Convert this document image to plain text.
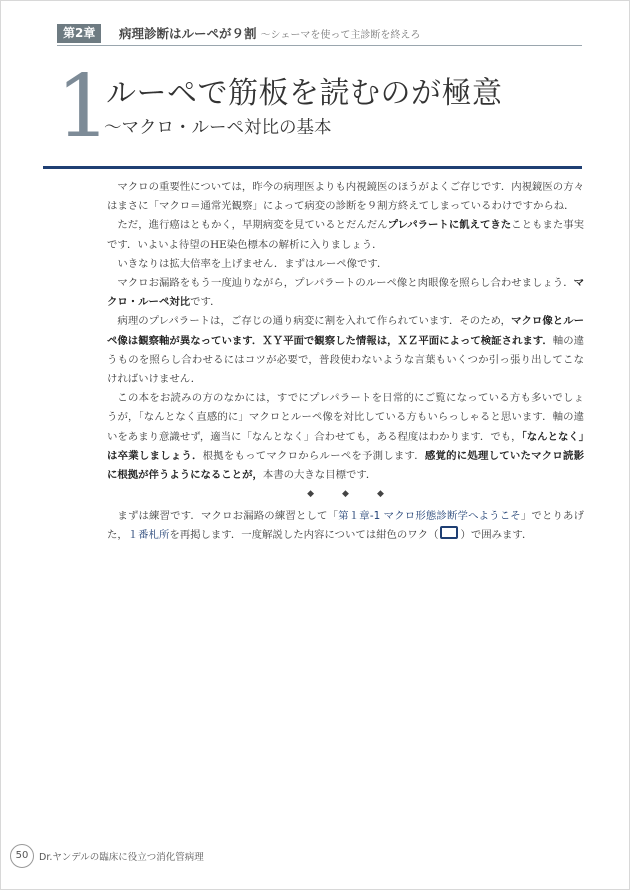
第2章	病理診断はルーペが９割 ～シェーマを使って主診断を終えろ
1
ルーペで筋板を読むのが極意
～マクロ・ルーペ対比の基本

マクロの重要性については，昨今の病理医よりも内視鏡医のほうがよくご存じです．内視鏡医の方々はまさに「マクロ＝通常光観察」によって病変の診断を９割方終えてしまっているわけですからね．

ただ，進行癌はともかく，早期病変を見ているとだんだんプレパラートに飢えてきたこともまた事実です．いよいよ待望のHE染色標本の解析に入りましょう．

いきなりは拡大倍率を上げません．まずはルーペ像です．

マクロお漏路をもう一度辿りながら，プレパラートのルーペ像と肉眼像を照らし合わせましょう．マクロ・ルーペ対比です．

病理のプレパラートは，ご存じの通り病変に割を入れて作られています．そのため，マクロ像とルーペ像は観察軸が異なっています．ＸＹ平面で観察した情報は，ＸＺ平面によって検証されます．軸の違うものを照らし合わせるにはコツが必要で，普段使わないような言葉もいくつか引っ張り出してこなければいけません．

この本をお読みの方のなかには，すでにプレパラートを日常的にご覧になっている方も多いでしょうが，「なんとなく直感的に」マクロとルーペ像を対比している方もいらっしゃると思います．軸の違いをあまり意識せず，適当に「なんとなく」合わせても，ある程度はわかります．でも，「なんとなく」は卒業しましょう．根拠をもってマクロからルーペを予測します．感覚的に処理していたマクロ読影に根拠が伴うようになることが，本書の大きな目標です．

◆◆◆

まずは練習です．マクロお漏路の練習として「第１章-1 マクロ形態診断学へようこそ」でとりあげた，１番札所を再掲します．一度解説した内容については紺色のワク（ ）で囲みます．

50	Dr.ヤンデルの臨床に役立つ消化管病理
